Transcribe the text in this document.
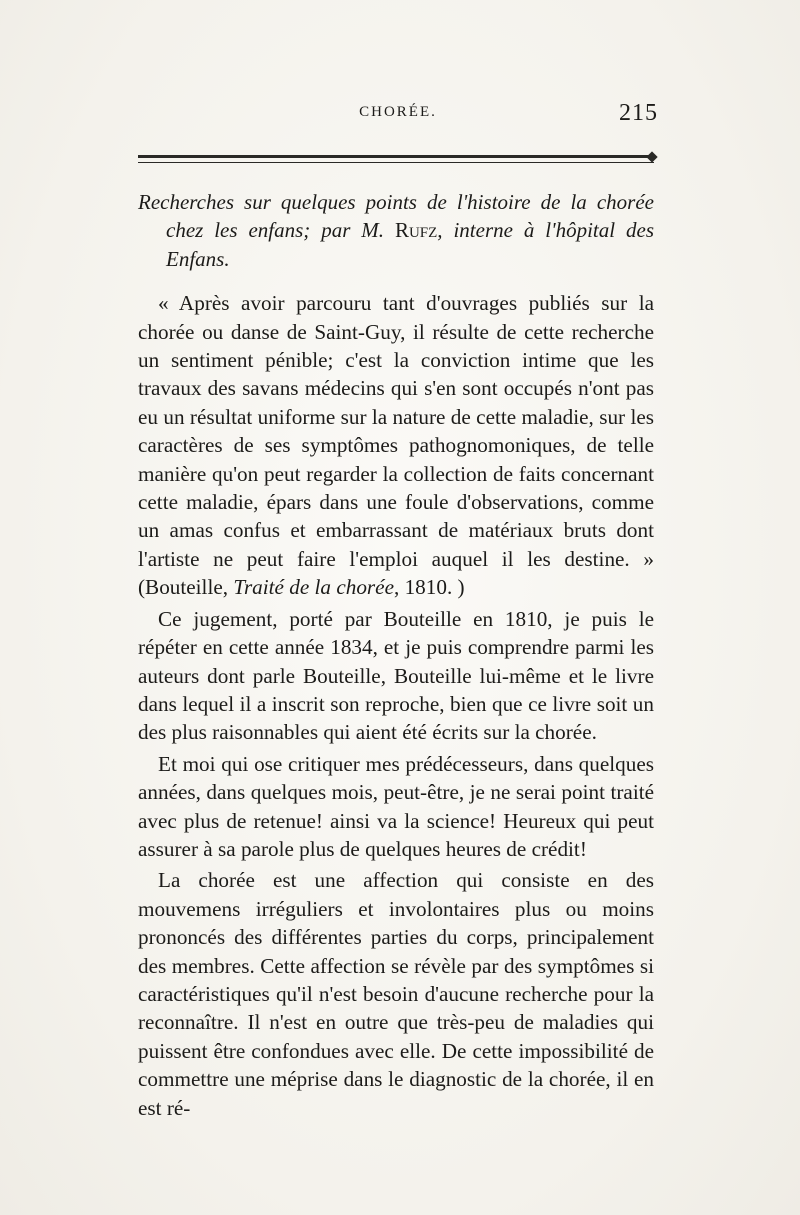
CHORÉE.	215
Recherches sur quelques points de l'histoire de la chorée chez les enfans; par M. Rufz, interne à l'hôpital des Enfans.

« Après avoir parcouru tant d'ouvrages publiés sur la chorée ou danse de Saint-Guy, il résulte de cette recherche un sentiment pénible; c'est la conviction intime que les travaux des savans médecins qui s'en sont occupés n'ont pas eu un résultat uniforme sur la nature de cette maladie, sur les caractères de ses symptômes pathognomoniques, de telle manière qu'on peut regarder la collection de faits concernant cette maladie, épars dans une foule d'observations, comme un amas confus et embarrassant de matériaux bruts dont l'artiste ne peut faire l'emploi auquel il les destine. » (Bouteille, Traité de la chorée, 1810. )

Ce jugement, porté par Bouteille en 1810, je puis le répéter en cette année 1834, et je puis comprendre parmi les auteurs dont parle Bouteille, Bouteille lui-même et le livre dans lequel il a inscrit son reproche, bien que ce livre soit un des plus raisonnables qui aient été écrits sur la chorée.

Et moi qui ose critiquer mes prédécesseurs, dans quelques années, dans quelques mois, peut-être, je ne serai point traité avec plus de retenue! ainsi va la science! Heureux qui peut assurer à sa parole plus de quelques heures de crédit!

La chorée est une affection qui consiste en des mouvemens irréguliers et involontaires plus ou moins prononcés des différentes parties du corps, principalement des membres. Cette affection se révèle par des symptômes si caractéristiques qu'il n'est besoin d'aucune recherche pour la reconnaître. Il n'est en outre que très-peu de maladies qui puissent être confondues avec elle. De cette impossibilité de commettre une méprise dans le diagnostic de la chorée, il en est ré-
